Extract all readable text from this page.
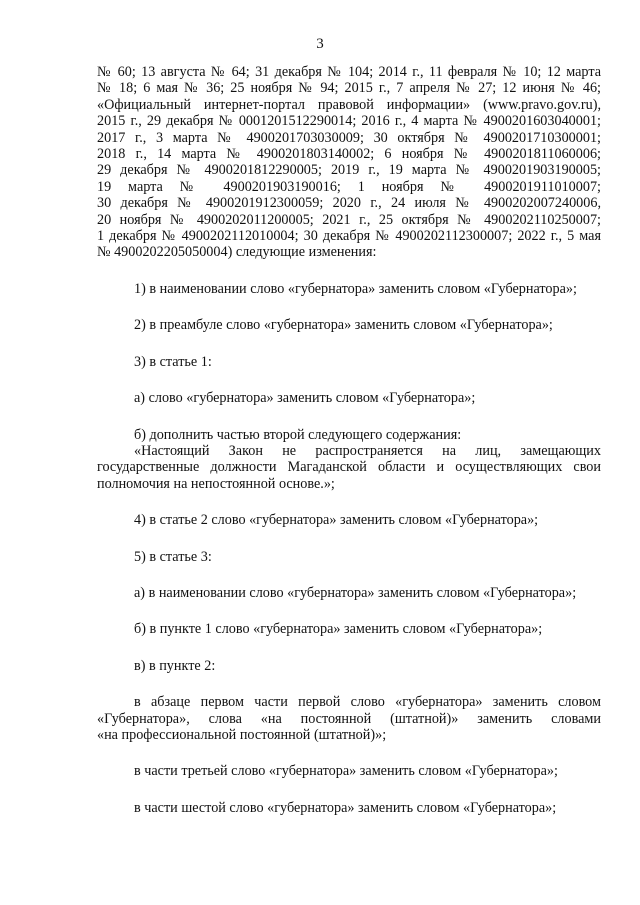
3
№ 60; 13 августа № 64; 31 декабря № 104; 2014 г., 11 февраля № 10; 12 марта
№ 18; 6 мая № 36; 25 ноября № 94; 2015 г., 7 апреля № 27; 12 июня № 46;
«Официальный интернет-портал правовой информации» (www.pravo.gov.ru),
2015 г., 29 декабря № 0001201512290014; 2016 г., 4 марта № 4900201603040001;
2017 г., 3 марта № 4900201703030009; 30 октября № 4900201710300001;
2018 г., 14 марта № 4900201803140002; 6 ноября № 4900201811060006;
29 декабря № 4900201812290005; 2019 г., 19 марта № 4900201903190005;
19 марта № 4900201903190016; 1 ноября № 4900201911010007;
30 декабря № 4900201912300059; 2020 г., 24 июля № 4900202007240006,
20 ноября № 4900202011200005; 2021 г., 25 октября № 4900202110250007;
1 декабря № 4900202112010004; 30 декабря № 4900202112300007; 2022 г., 5 мая
№ 4900202205050004) следующие изменения:
1) в наименовании слово «губернатора» заменить словом «Губернатора»;
2) в преамбуле слово «губернатора» заменить словом «Губернатора»;
3) в статье 1:
а) слово «губернатора» заменить словом «Губернатора»;
б) дополнить частью второй следующего содержания:
«Настоящий Закон не распространяется на лиц, замещающих
государственные должности Магаданской области и осуществляющих свои
полномочия на непостоянной основе.»;
4) в статье 2 слово «губернатора» заменить словом «Губернатора»;
5) в статье 3:
а) в наименовании слово «губернатора» заменить словом «Губернатора»;
б) в пункте 1 слово «губернатора» заменить словом «Губернатора»;
в) в пункте 2:
в абзаце первом части первой слово «губернатора» заменить словом
«Губернатора», слова «на постоянной (штатной)» заменить словами
«на профессиональной постоянной (штатной)»;
в части третьей слово «губернатора» заменить словом «Губернатора»;
в части шестой слово «губернатора» заменить словом «Губернатора»;
